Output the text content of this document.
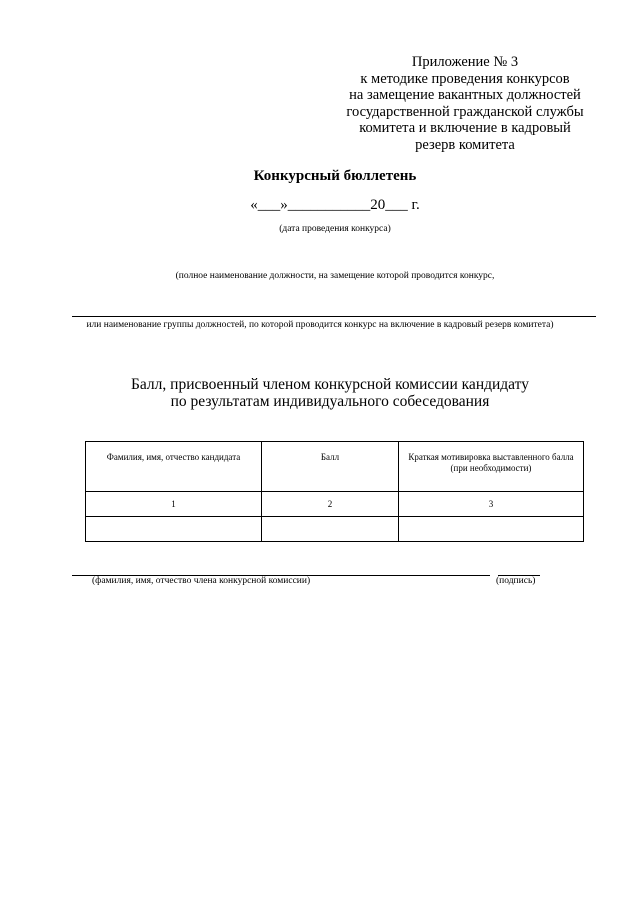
Приложение № 3
к методике проведения конкурсов
на замещение вакантных должностей
государственной гражданской службы
комитета и включение в кадровый
резерв комитета
Конкурсный бюллетень
«___»___________20___ г.
(дата проведения конкурса)
(полное наименование должности, на замещение которой проводится конкурс,
или наименование группы должностей, по которой проводится конкурс на включение в кадровый резерв комитета)
Балл, присвоенный членом конкурсной комиссии кандидату
по результатам индивидуального собеседования
Фамилия, имя, отчество кандидата	Балл	Краткая мотивировка выставленного балла (при необходимости)
1	2	3

(фамилия, имя, отчество члена конкурсной комиссии)	(подпись)
